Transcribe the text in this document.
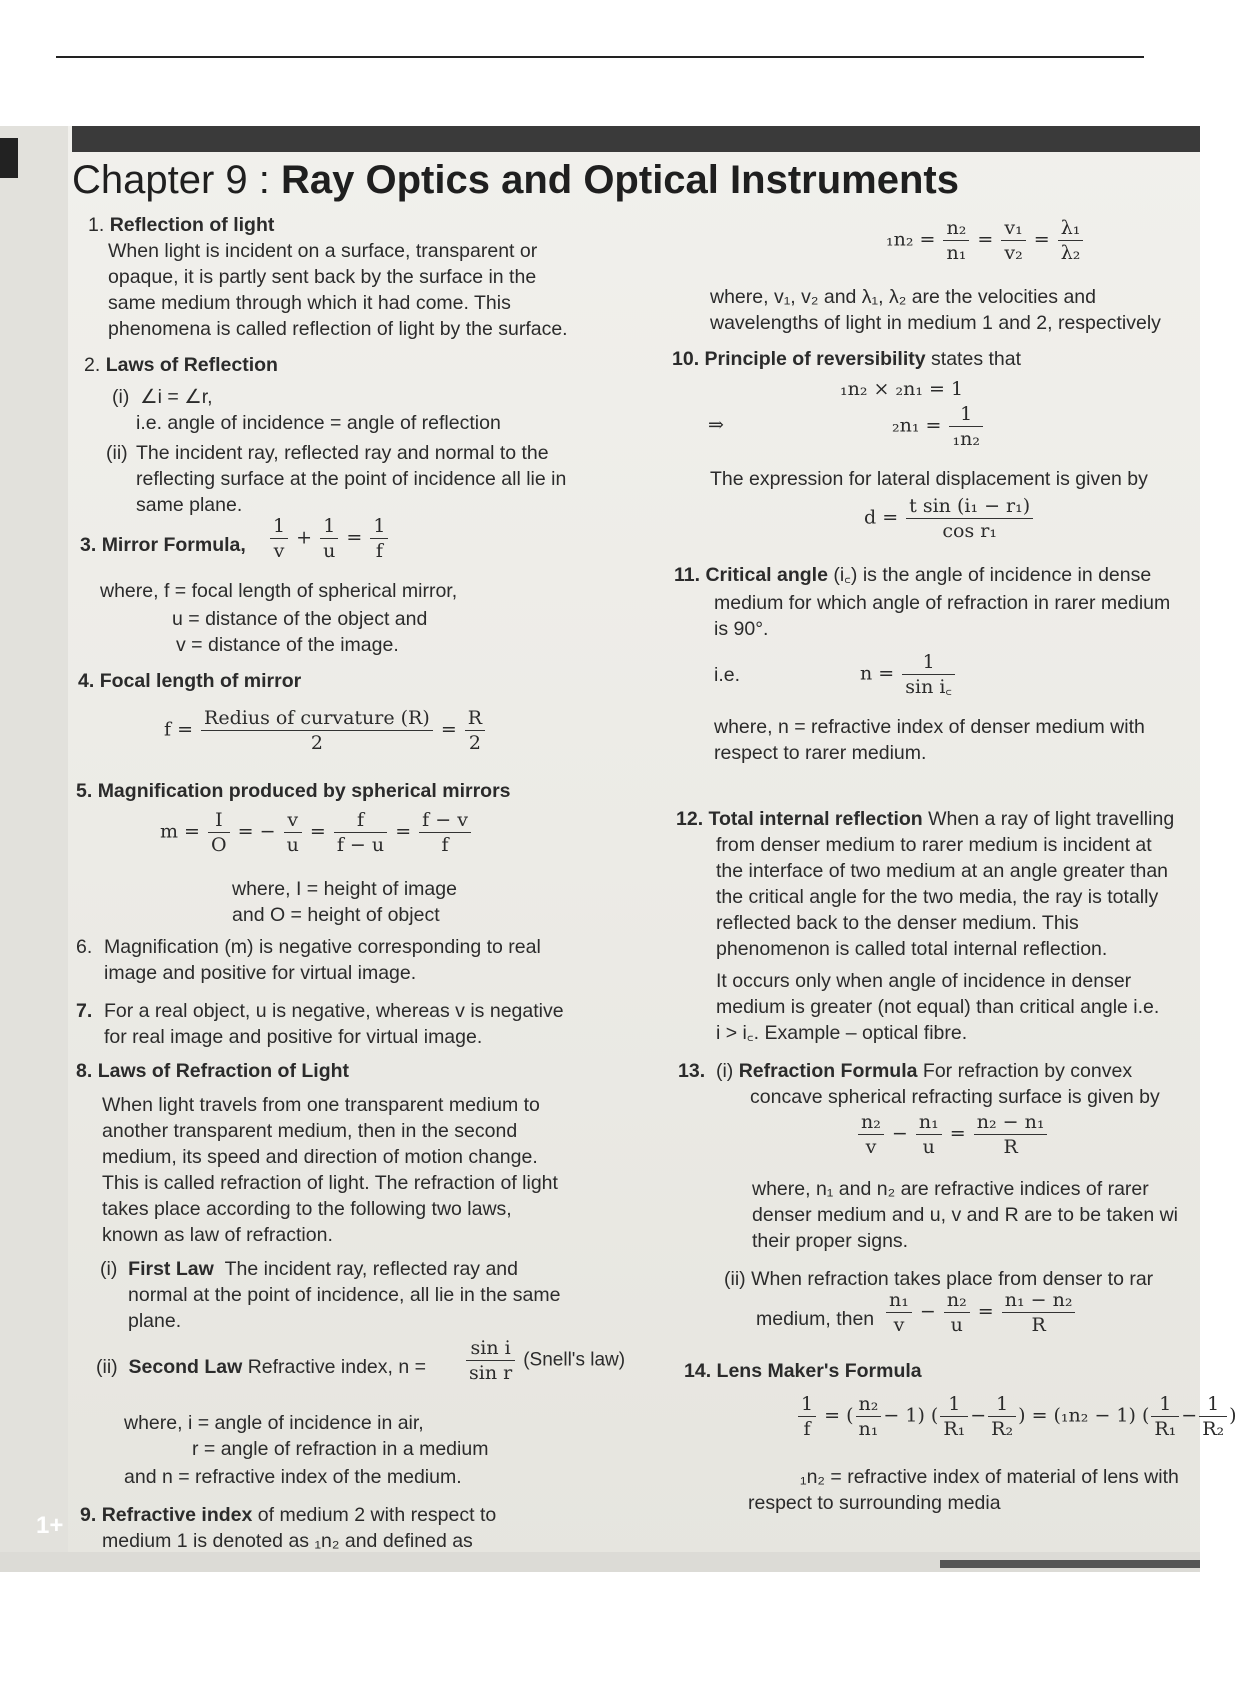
Chapter 9 : Ray Optics and Optical Instruments
1. Reflection of light
When light is incident on a surface, transparent or
opaque, it is partly sent back by the surface in the
same medium through which it had come. This
phenomena is called reflection of light by the surface.
2. Laws of Reflection
(i) ∠i = ∠r,
i.e. angle of incidence = angle of reflection
(ii) The incident ray, reflected ray and normal to the
reflecting surface at the point of incidence all lie in
same plane.
3. Mirror Formula, $\frac{1}{v} + \frac{1}{u} = \frac{1}{f}$
where, f = focal length of spherical mirror,
u = distance of the object and
v = distance of the image.
4. Focal length of mirror
$f = \frac{\text{Redius of curvature (R)}}{2} = \frac{R}{2}$
5. Magnification produced by spherical mirrors
$m = \frac{I}{O}$ = − $\frac{v}{u} = \frac{f}{f - u} = \frac{f - v}{f}$
where, I = height of image
and O = height of object
6. Magnification (m) is negative corresponding to real
image and positive for virtual image.
7. For a real object, u is negative, whereas v is negative
for real image and positive for virtual image.
8. Laws of Refraction of Light
When light travels from one transparent medium to
another transparent medium, then in the second
medium, its speed and direction of motion change.
This is called refraction of light. The refraction of light
takes place according to the following two laws,
known as law of refraction.
(i) First Law The incident ray, reflected ray and
normal at the point of incidence, all lie in the same
plane.
(ii) Second Law Refractive index, $n = \frac{\text{sin i}}{\text{sin r}}$ (Snell's law)
where, i = angle of incidence in air,
r = angle of refraction in a medium
and n = refractive index of the medium.
9. Refractive index of medium 2 with respect to
medium 1 is denoted as ₁n₂ and defined as
1+
$_1n_2 = \frac{\text{n₂}}{\text{n₁}} = \frac{\text{v₁}}{\text{v₂}} = \frac{\text{λ₁}}{\text{λ₂}}$
where, v₁, v₂ and λ₁, λ₂ are the velocities and
wavelengths of light in medium 1 and 2, respectively
10. Principle of reversibility states that
₁n₂ × ₂n₁ = 1
⇒	$_2n_1 = \frac{1}{\text{₁n₂}}$
The expression for lateral displacement is given by
$d = \frac{\text{t sin (i₁ − r₁)}}{\text{cos r₁}}$
11. Critical angle (i꜀) is the angle of incidence in dense
medium for which angle of refraction in rarer medium
is 90°.
i.e.	$n = \frac{1}{\text{sin i꜀}}$
where, n = refractive index of denser medium with
respect to rarer medium.
12. Total internal reflection When a ray of light travelling
from denser medium to rarer medium is incident at
the interface of two medium at an angle greater than
the critical angle for the two media, the ray is totally
reflected back to the denser medium. This
phenomenon is called total internal reflection.
It occurs only when angle of incidence in denser
medium is greater (not equal) than critical angle i.e.
i > i꜀. Example – optical fibre.
13. (i) Refraction Formula For refraction by convex
concave spherical refracting surface is given by
$\frac{\text{n₂}}{v} - \frac{\text{n₁}}{u} = \frac{\text{n₂ − n₁}}{R}$
where, n₁ and n₂ are refractive indices of rarer
denser medium and u, v and R are to be taken wi
their proper signs.
(ii) When refraction takes place from denser to rar
medium, then $\frac{\text{n₁}}{v} - \frac{\text{n₂}}{u} = \frac{\text{n₁ − n₂}}{R}$
14. Lens Maker's Formula
$\frac{1}{f}$ = ( $\frac{\text{n₂}}{\text{n₁}} - 1$) ( $\frac{1}{\text{R₁}} - \frac{1}{\text{R₂}}$ ) = (₁n₂ − 1) ( $\frac{1}{\text{R₁}} - \frac{1}{\text{R₂}}$ )
₁n₂ = refractive index of material of lens with
respect to surrounding media
